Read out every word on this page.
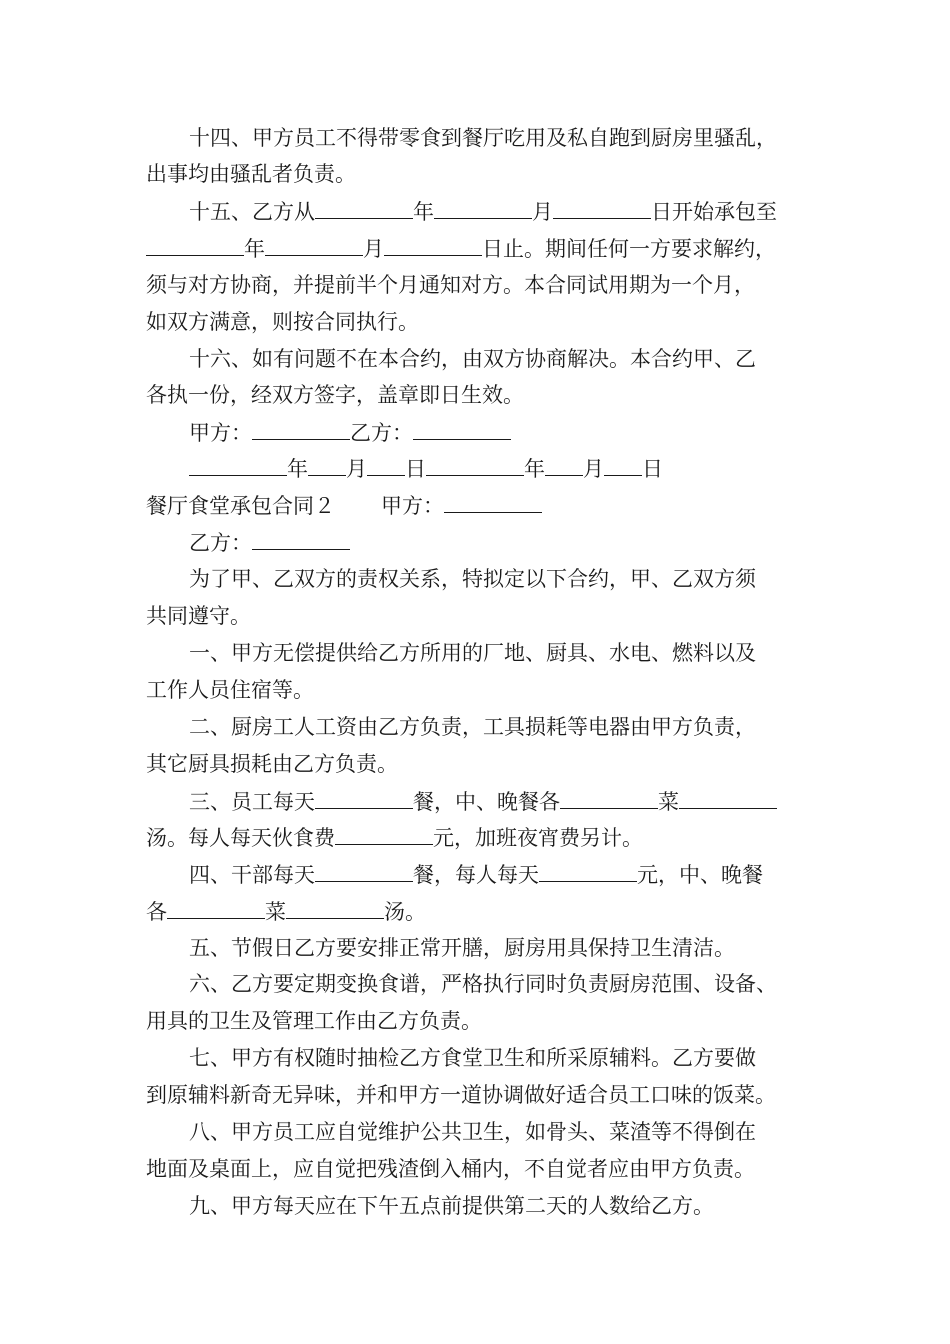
十四、甲方员工不得带零食到餐厅吃用及私自跑到厨房里骚乱，
出事均由骚乱者负责。
十五、乙方从	年	月	日开始承包至
年	月	日止。期间任何一方要求解约，
须与对方协商，并提前半个月通知对方。本合同试用期为一个月，
如双方满意，则按合同执行。
十六、如有问题不在本合约，由双方协商解决。本合约甲、乙
各执一份，经双方签字，盖章即日生效。
甲方：	乙方：
年 月 日	年 月 日
餐厅食堂承包合同２ 甲方：
乙方：
为了甲、乙双方的责权关系，特拟定以下合约，甲、乙双方须
共同遵守。
一、甲方无偿提供给乙方所用的厂地、厨具、水电、燃料以及
工作人员住宿等。
二、厨房工人工资由乙方负责，工具损耗等电器由甲方负责，
其它厨具损耗由乙方负责。
三、员工每天	餐，中、晚餐各	菜
汤。每人每天伙食费	元，加班夜宵费另计。
四、干部每天	餐，每人每天	元，中、晚餐
各	菜	汤。
五、节假日乙方要安排正常开膳，厨房用具保持卫生清洁。
六、乙方要定期变换食谱，严格执行同时负责厨房范围、设备、
用具的卫生及管理工作由乙方负责。
七、甲方有权随时抽检乙方食堂卫生和所采原辅料。乙方要做
到原辅料新奇无异味，并和甲方一道协调做好适合员工口味的饭菜。
八、甲方员工应自觉维护公共卫生，如骨头、菜渣等不得倒在
地面及桌面上，应自觉把残渣倒入桶内，不自觉者应由甲方负责。
九、甲方每天应在下午五点前提供第二天的人数给乙方。
